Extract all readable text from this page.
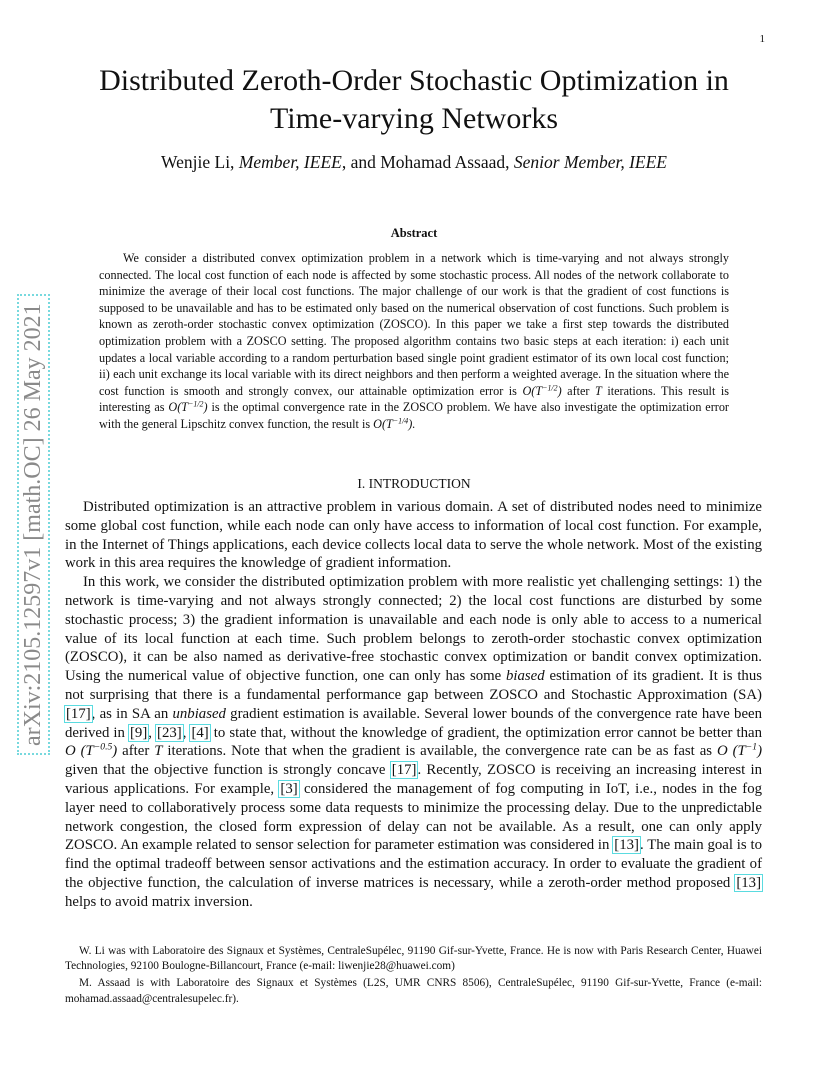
1
arXiv:2105.12597v1 [math.OC] 26 May 2021
Distributed Zeroth-Order Stochastic Optimization in Time-varying Networks
Wenjie Li, Member, IEEE, and Mohamad Assaad, Senior Member, IEEE
Abstract

We consider a distributed convex optimization problem in a network which is time-varying and not always strongly connected. The local cost function of each node is affected by some stochastic process. All nodes of the network collaborate to minimize the average of their local cost functions. The major challenge of our work is that the gradient of cost functions is supposed to be unavailable and has to be estimated only based on the numerical observation of cost functions. Such problem is known as zeroth-order stochastic convex optimization (ZOSCO). In this paper we take a first step towards the distributed optimization problem with a ZOSCO setting. The proposed algorithm contains two basic steps at each iteration: i) each unit updates a local variable according to a random perturbation based single point gradient estimator of its own local cost function; ii) each unit exchange its local variable with its direct neighbors and then perform a weighted average. In the situation where the cost function is smooth and strongly convex, our attainable optimization error is $O(T^{-1/2})$ after T iterations. This result is interesting as $O(T^{-1/2})$ is the optimal convergence rate in the ZOSCO problem. We have also investigate the optimization error with the general Lipschitz convex function, the result is $O(T^{-1/4})$.

I. INTRODUCTION

Distributed optimization is an attractive problem in various domain. A set of distributed nodes need to minimize some global cost function, while each node can only have access to information of local cost function. For example, in the Internet of Things applications, each device collects local data to serve the whole network. Most of the existing work in this area requires the knowledge of gradient information.

In this work, we consider the distributed optimization problem with more realistic yet challenging settings: 1) the network is time-varying and not always strongly connected; 2) the local cost functions are disturbed by some stochastic process; 3) the gradient information is unavailable and each node is only able to access to a numerical value of its local function at each time. Such problem belongs to zeroth-order stochastic convex optimization (ZOSCO), it can be also named as derivative-free stochastic convex optimization or bandit convex optimization. Using the numerical value of objective function, one can only has some biased estimation of its gradient. It is thus not surprising that there is a fundamental performance gap between ZOSCO and Stochastic Approximation (SA) [17], as in SA an unbiased gradient estimation is available. Several lower bounds of the convergence rate have been derived in [9], [23], [4] to state that, without the knowledge of gradient, the optimization error cannot be better than O $(T^{-0.5})$ after T iterations. Note that when the gradient is available, the convergence rate can be as fast as O $(T^{-1})$ given that the objective function is strongly concave [17]. Recently, ZOSCO is receiving an increasing interest in various applications. For example, [3] considered the management of fog computing in IoT, i.e., nodes in the fog layer need to collaboratively process some data requests to minimize the processing delay. Due to the unpredictable network congestion, the closed form expression of delay can not be available. As a result, one can only apply ZOSCO. An example related to sensor selection for parameter estimation was considered in [13]. The main goal is to find the optimal tradeoff between sensor activations and the estimation accuracy. In order to evaluate the gradient of the objective function, the calculation of inverse matrices is necessary, while a zeroth-order method proposed [13] helps to avoid matrix inversion.

W. Li was with Laboratoire des Signaux et Systèmes, CentraleSupélec, 91190 Gif-sur-Yvette, France. He is now with Paris Research Center, Huawei Technologies, 92100 Boulogne-Billancourt, France (e-mail: liwenjie28@huawei.com)

M. Assaad is with Laboratoire des Signaux et Systèmes (L2S, UMR CNRS 8506), CentraleSupélec, 91190 Gif-sur-Yvette, France (e-mail: mohamad.assaad@centralesupelec.fr).
